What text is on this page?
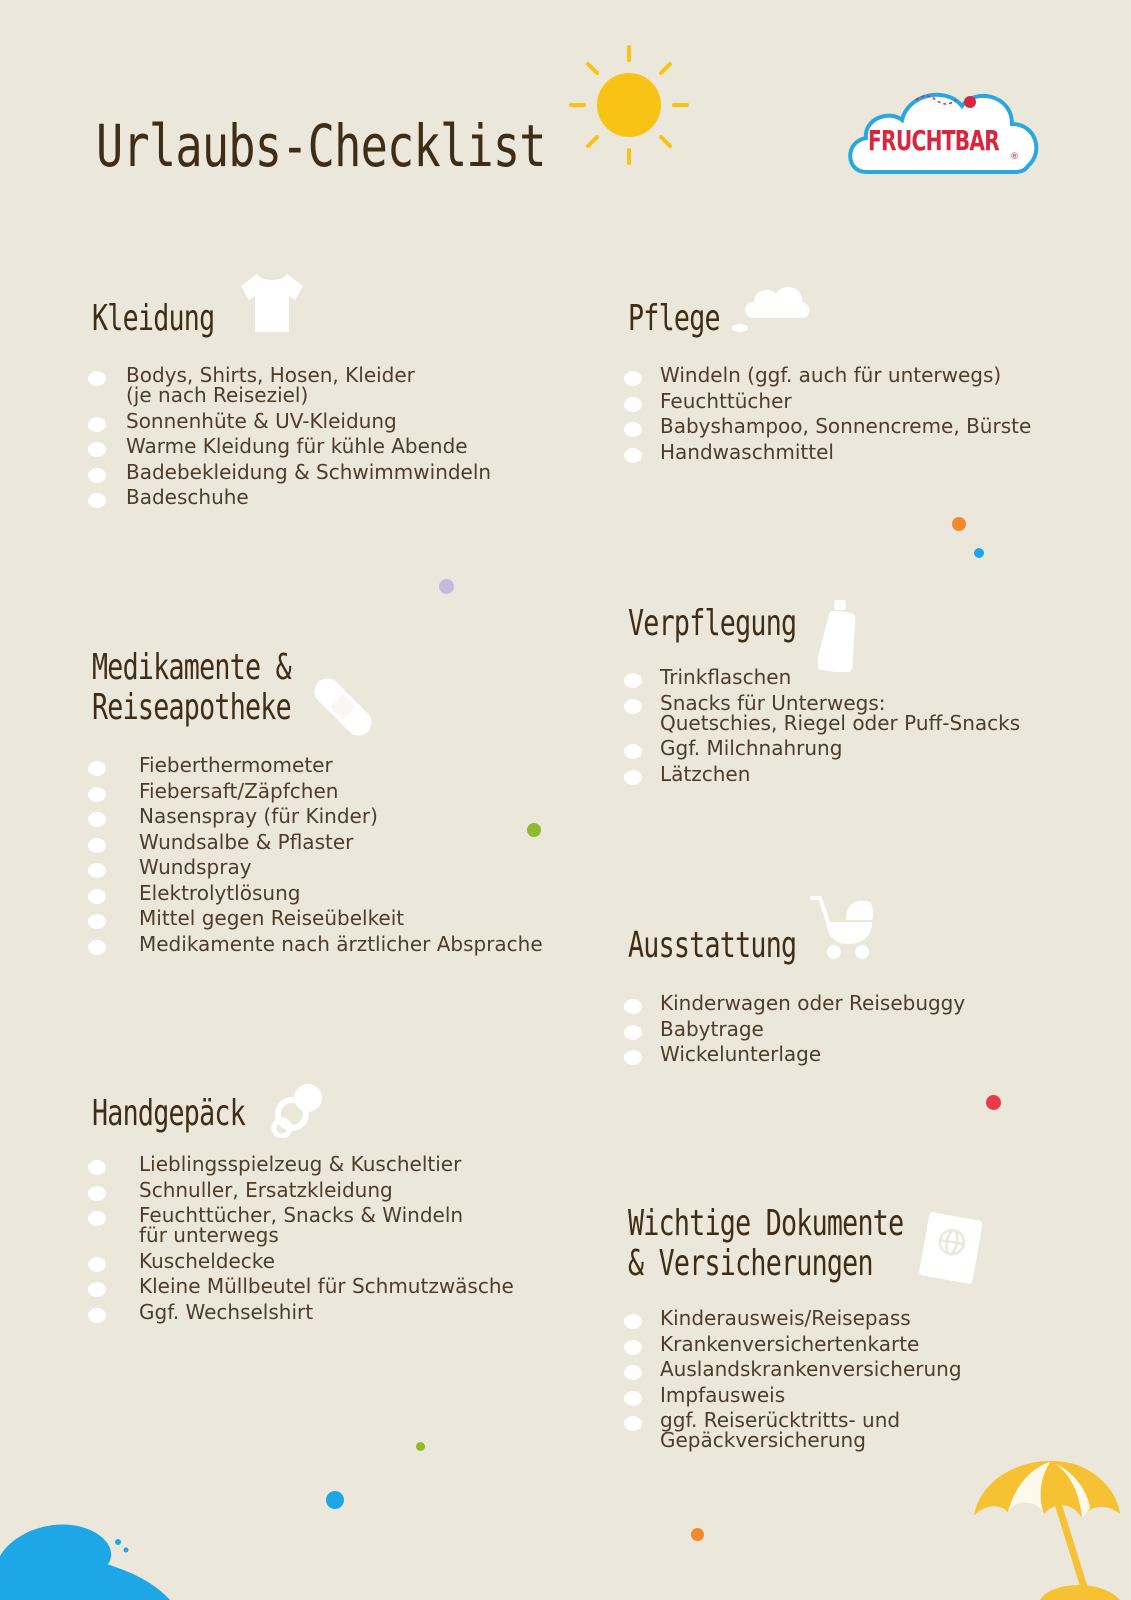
Urlaubs-Checklist	FRUCHTBAR ®
Kleidung
Bodys, Shirts, Hosen, Kleider
(je nach Reiseziel)
Sonnenhüte & UV-Kleidung
Warme Kleidung für kühle Abende
Badebekleidung & Schwimmwindeln
Badeschuhe
Pflege
Windeln (ggf. auch für unterwegs)
Feuchttücher
Babyshampoo, Sonnencreme, Bürste
Handwaschmittel
Medikamente &
Reiseapotheke
Fieberthermometer
Fiebersaft/Zäpfchen
Nasenspray (für Kinder)
Wundsalbe & Pflaster
Wundspray
Elektrolytlösung
Mittel gegen Reiseübelkeit
Medikamente nach ärztlicher Absprache
Verpflegung
Trinkflaschen
Snacks für Unterwegs:
Quetschies, Riegel oder Puff-Snacks
Ggf. Milchnahrung
Lätzchen
Ausstattung
Kinderwagen oder Reisebuggy
Babytrage
Wickelunterlage
Handgepäck
Lieblingsspielzeug & Kuscheltier
Schnuller, Ersatzkleidung
Feuchttücher, Snacks & Windeln
für unterwegs
Kuscheldecke
Kleine Müllbeutel für Schmutzwäsche
Ggf. Wechselshirt
Wichtige Dokumente
& Versicherungen
Kinderausweis/Reisepass
Krankenversichertenkarte
Auslandskrankenversicherung
Impfausweis
ggf. Reiserücktritts- und
Gepäckversicherung
